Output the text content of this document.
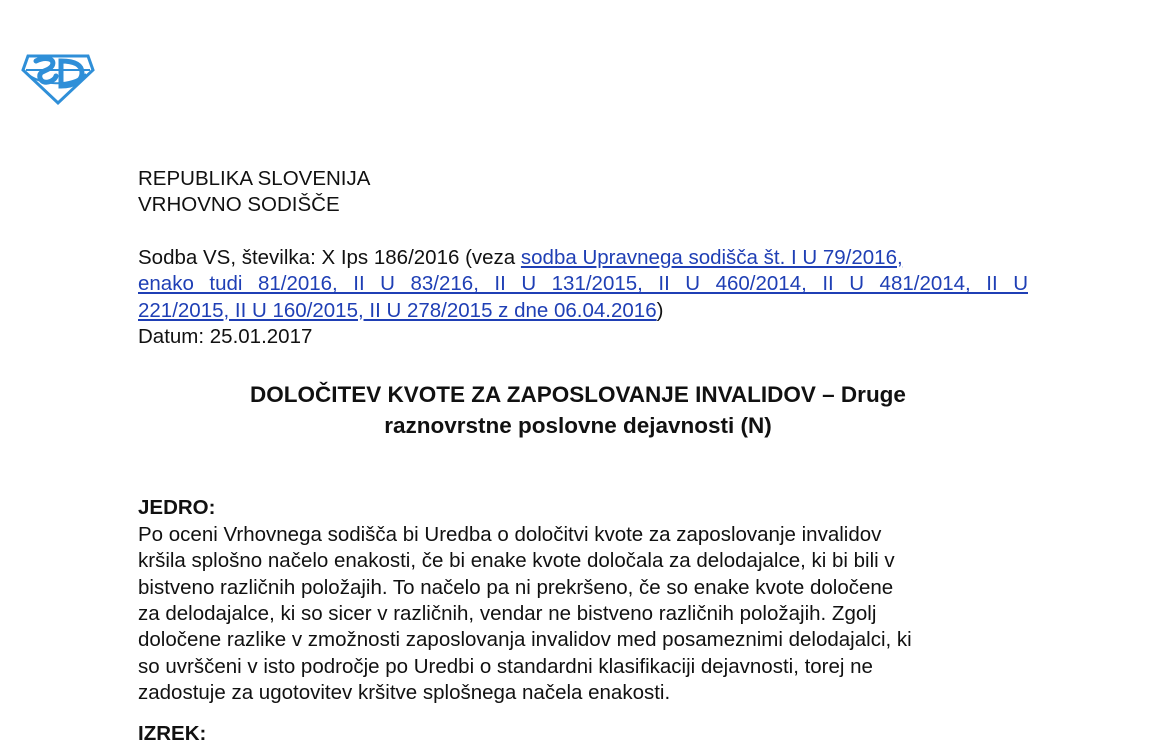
REPUBLIKA SLOVENIJA
VRHOVNO SODIŠČE
Sodba VS, številka: X Ips 186/2016 (veza sodba Upravnega sodišča št. I U 79/2016,
enako tudi 81/2016, II U 83/216, II U 131/2015, II U 460/2014, II U 481/2014, II U
221/2015, II U 160/2015, II U 278/2015 z dne 06.04.2016)
Datum: 25.01.2017
DOLOČITEV KVOTE ZA ZAPOSLOVANJE INVALIDOV – Druge
raznovrstne poslovne dejavnosti (N)
JEDRO:
Po oceni Vrhovnega sodišča bi Uredba o določitvi kvote za zaposlovanje invalidov
kršila splošno načelo enakosti, če bi enake kvote določala za delodajalce, ki bi bili v
bistveno različnih položajih. To načelo pa ni prekršeno, če so enake kvote določene
za delodajalce, ki so sicer v različnih, vendar ne bistveno različnih položajih. Zgolj
določene razlike v zmožnosti zaposlovanja invalidov med posameznimi delodajalci, ki
so uvrščeni v isto področje po Uredbi o standardni klasifikaciji dejavnosti, torej ne
zadostuje za ugotovitev kršitve splošnega načela enakosti.
IZREK:
